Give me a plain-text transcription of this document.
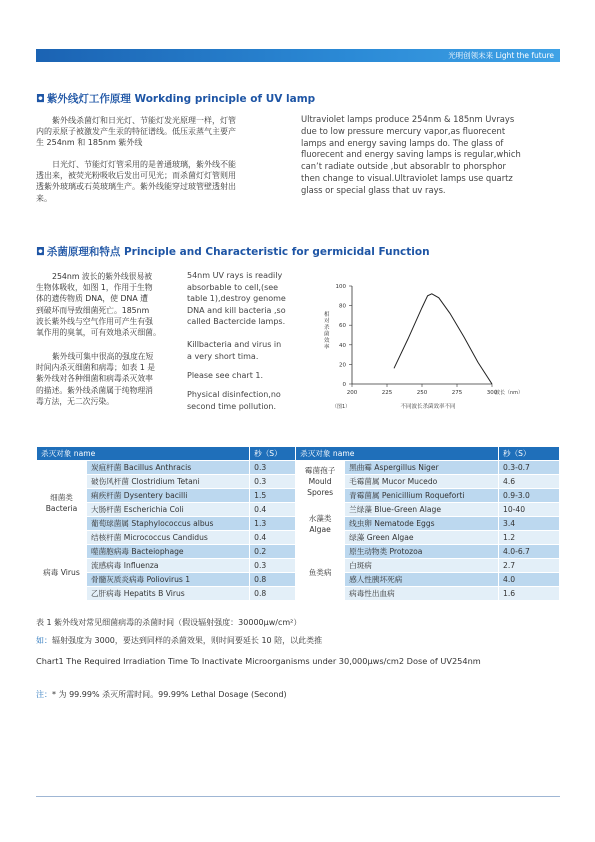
光明创领未来 Light the future
◘ 紫外线灯工作原理 Workding principle of UV lamp
紫外线杀菌灯和日光灯、节能灯发光原理一样，灯管
内的汞原子被激发产生汞的特征谱线。低压汞蒸气主要产
生 254nm 和 185nm 紫外线
日光灯、节能灯灯管采用的是普通玻璃，紫外线不能
透出来，被荧光粉吸收后发出可见光；而杀菌灯灯管则用
透紫外玻璃或石英玻璃生产。紫外线能穿过玻管壁透射出
来。
Ultraviolet lamps produce 254nm & 185nm Uvrays
due to low pressure mercury vapor,as fluorecent
lamps and energy saving lamps do. The glass of
fluorecent and energy saving lamps is regular,which
can’t radiate outside ,but absorablr to phorsphor
then change to visual.Ultraviolet lamps use quartz
glass or special glass that uv rays.
◘ 杀菌原理和特点 Principle and Characteristic for germicidal Function
254nm 波长的紫外线很易被
生物体吸收，如图 1，作用于生物
体的遗传物质 DNA，使 DNA 遭
到破坏而导致细菌死亡。185nm
波长紫外线与空气作用可产生有强
氧作用的臭氧，可有效地杀灭细菌。
紫外线可集中很高的强度在短
时间内杀灭细菌和病毒；如表 1 是
紫外线对各种细菌和病毒杀灭效率
的描述。紫外线杀菌属于纯物理消
毒方法，无二次污染。
54nm UV rays is readily
absorbable to cell,(see
table 1),destroy genome
DNA and kill bacteria ,so
called Bactercide lamps.
Killbacteria and virus in
a very short tima.
Please see chart 1.
Physical disinfection,no
second time pollution.
0
20
40
60
80
100
200	225	250	275	300
波长（nm）
相对杀菌效率
（图1）	不同波长杀菌效率不同
杀灭对象 name		秒（S）	杀灭对象 name		秒（S）
细菌类 Bacteria	炭疽杆菌 Bacillus Anthracis	0.3	霉菌孢子 Mould Spores	黑曲霉 Aspergillus Niger	0.3-0.7
	破伤风杆菌 Clostridium Tetani	0.3		毛霉菌属 Mucor Mucedo	4.6
	痢疾杆菌 Dysentery bacilli	1.5		青霉菌属 Penicillium Roqueforti	0.9-3.0
	大肠杆菌 Escherichia Coli	0.4	水藻类 Algae	兰绿藻 Blue-Green Alage	10-40
	葡萄球菌属 Staphylococcus albus	1.3		线虫卵 Nematode Eggs	3.4
	结核杆菌 Micrococcus Candidus	0.4		绿藻 Green Algae	1.2
病毒 Virus	噬菌胞病毒 Bacteiophage	0.2	鱼类病	原生动物类 Protozoa	4.0-6.7
	流感病毒 Influenza	0.3		白斑病	2.7
	骨髓灰质炎病毒 Poliovirus 1	0.8		感人性胰坏死病	4.0
	乙肝病毒 Hepatits B Virus	0.8		病毒性出血病	1.6
表 1 紫外线对常见细菌病毒的杀菌时间（假设辐射强度：30000μw/cm²）
如：辐射强度为 3000，要达到同样的杀菌效果，则时间要延长 10 陪，以此类推
Chart1 The Required Irradiation Time To Inactivate Microorganisms under 30,000μws/cm2 Dose of UV254nm
注：* 为 99.99% 杀灭所需时间。99.99% Lethal Dosage (Second)
